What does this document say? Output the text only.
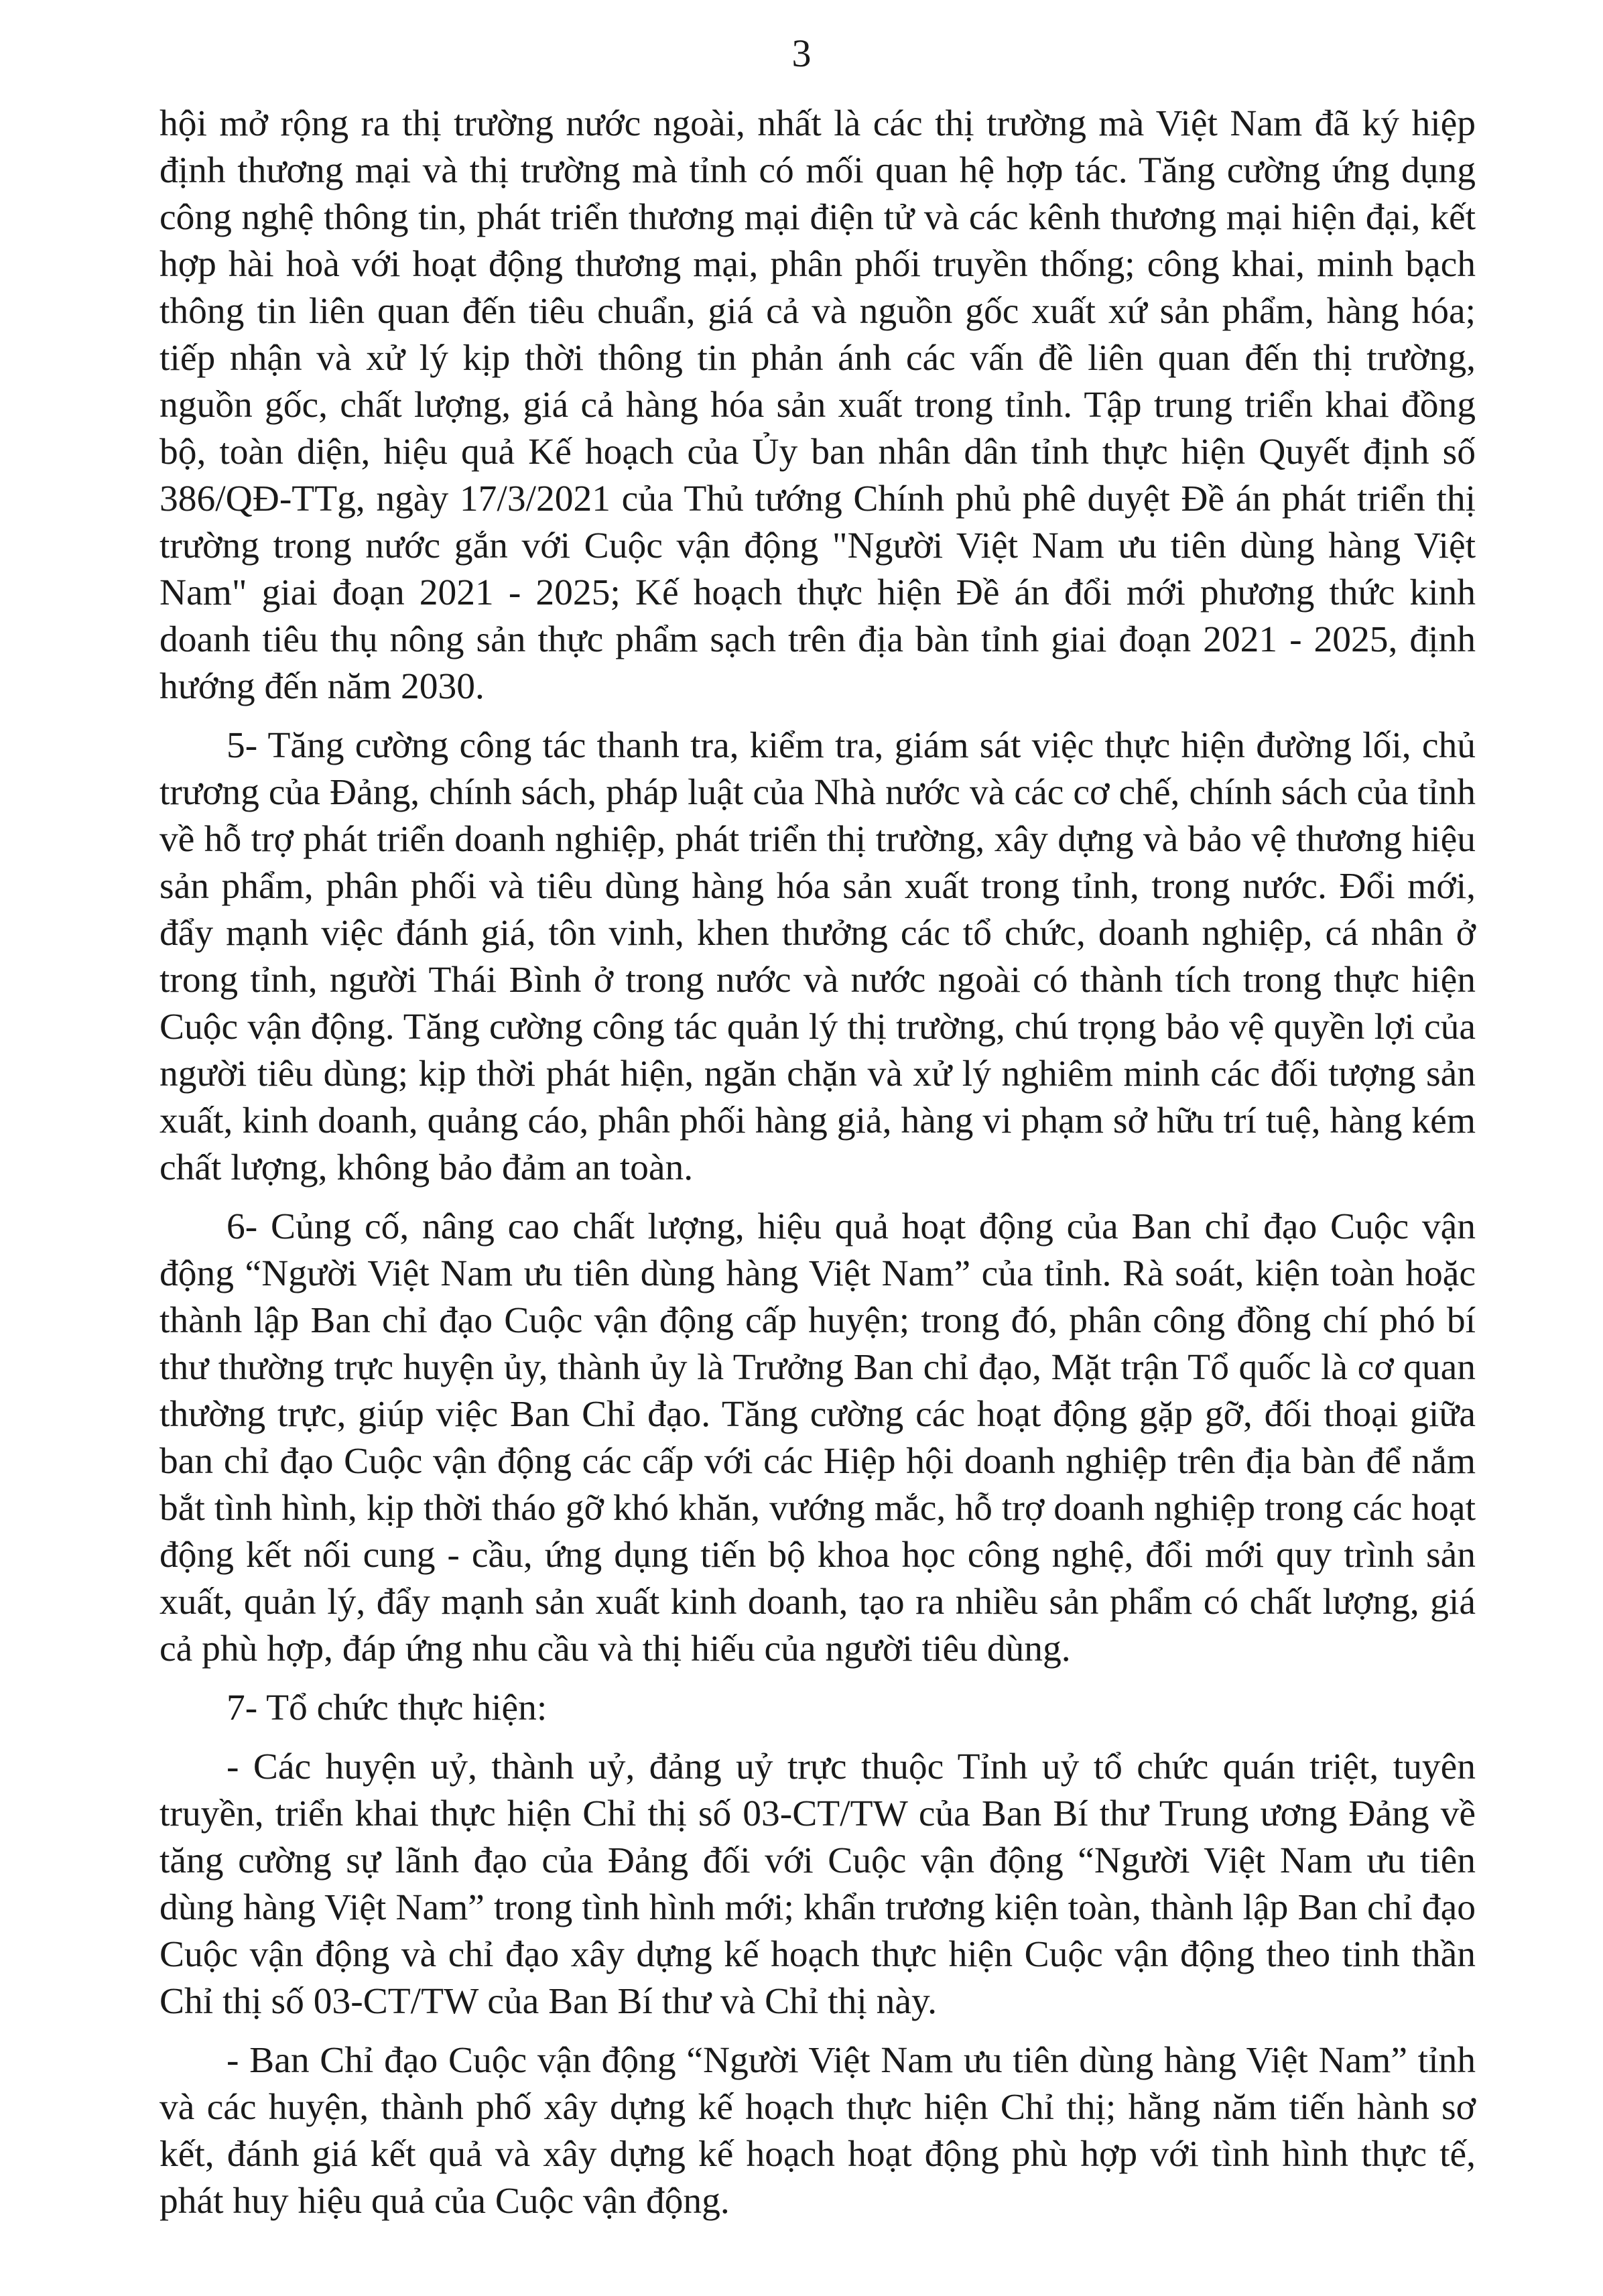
3

hội mở rộng ra thị trường nước ngoài, nhất là các thị trường mà Việt Nam đã ký hiệp định thương mại và thị trường mà tỉnh có mối quan hệ hợp tác. Tăng cường ứng dụng công nghệ thông tin, phát triển thương mại điện tử và các kênh thương mại hiện đại, kết hợp hài hoà với hoạt động thương mại, phân phối truyền thống; công khai, minh bạch thông tin liên quan đến tiêu chuẩn, giá cả và nguồn gốc xuất xứ sản phẩm, hàng hóa; tiếp nhận và xử lý kịp thời thông tin phản ánh các vấn đề liên quan đến thị trường, nguồn gốc, chất lượng, giá cả hàng hóa sản xuất trong tỉnh. Tập trung triển khai đồng bộ, toàn diện, hiệu quả Kế hoạch của Ủy ban nhân dân tỉnh thực hiện Quyết định số 386/QĐ-TTg, ngày 17/3/2021 của Thủ tướng Chính phủ phê duyệt Đề án phát triển thị trường trong nước gắn với Cuộc vận động "Người Việt Nam ưu tiên dùng hàng Việt Nam" giai đoạn 2021 - 2025; Kế hoạch thực hiện Đề án đổi mới phương thức kinh doanh tiêu thụ nông sản thực phẩm sạch trên địa bàn tỉnh giai đoạn 2021 - 2025, định hướng đến năm 2030.

5- Tăng cường công tác thanh tra, kiểm tra, giám sát việc thực hiện đường lối, chủ trương của Đảng, chính sách, pháp luật của Nhà nước và các cơ chế, chính sách của tỉnh về hỗ trợ phát triển doanh nghiệp, phát triển thị trường, xây dựng và bảo vệ thương hiệu sản phẩm, phân phối và tiêu dùng hàng hóa sản xuất trong tỉnh, trong nước. Đổi mới, đẩy mạnh việc đánh giá, tôn vinh, khen thưởng các tổ chức, doanh nghiệp, cá nhân ở trong tỉnh, người Thái Bình ở trong nước và nước ngoài có thành tích trong thực hiện Cuộc vận động. Tăng cường công tác quản lý thị trường, chú trọng bảo vệ quyền lợi của người tiêu dùng; kịp thời phát hiện, ngăn chặn và xử lý nghiêm minh các đối tượng sản xuất, kinh doanh, quảng cáo, phân phối hàng giả, hàng vi phạm sở hữu trí tuệ, hàng kém chất lượng, không bảo đảm an toàn.

6- Củng cố, nâng cao chất lượng, hiệu quả hoạt động của Ban chỉ đạo Cuộc vận động “Người Việt Nam ưu tiên dùng hàng Việt Nam” của tỉnh. Rà soát, kiện toàn hoặc thành lập Ban chỉ đạo Cuộc vận động cấp huyện; trong đó, phân công đồng chí phó bí thư thường trực huyện ủy, thành ủy là Trưởng Ban chỉ đạo, Mặt trận Tổ quốc là cơ quan thường trực, giúp việc Ban Chỉ đạo. Tăng cường các hoạt động gặp gỡ, đối thoại giữa ban chỉ đạo Cuộc vận động các cấp với các Hiệp hội doanh nghiệp trên địa bàn để nắm bắt tình hình, kịp thời tháo gỡ khó khăn, vướng mắc, hỗ trợ doanh nghiệp trong các hoạt động kết nối cung - cầu, ứng dụng tiến bộ khoa học công nghệ, đổi mới quy trình sản xuất, quản lý, đẩy mạnh sản xuất kinh doanh, tạo ra nhiều sản phẩm có chất lượng, giá cả phù hợp, đáp ứng nhu cầu và thị hiếu của người tiêu dùng.

7- Tổ chức thực hiện:

- Các huyện uỷ, thành uỷ, đảng uỷ trực thuộc Tỉnh uỷ tổ chức quán triệt, tuyên truyền, triển khai thực hiện Chỉ thị số 03-CT/TW của Ban Bí thư Trung ương Đảng về tăng cường sự lãnh đạo của Đảng đối với Cuộc vận động “Người Việt Nam ưu tiên dùng hàng Việt Nam” trong tình hình mới; khẩn trương kiện toàn, thành lập Ban chỉ đạo Cuộc vận động và chỉ đạo xây dựng kế hoạch thực hiện Cuộc vận động theo tinh thần Chỉ thị số 03-CT/TW của Ban Bí thư và Chỉ thị này.

- Ban Chỉ đạo Cuộc vận động “Người Việt Nam ưu tiên dùng hàng Việt Nam” tỉnh và các huyện, thành phố xây dựng kế hoạch thực hiện Chỉ thị; hằng năm tiến hành sơ kết, đánh giá kết quả và xây dựng kế hoạch hoạt động phù hợp với tình hình thực tế, phát huy hiệu quả của Cuộc vận động.
